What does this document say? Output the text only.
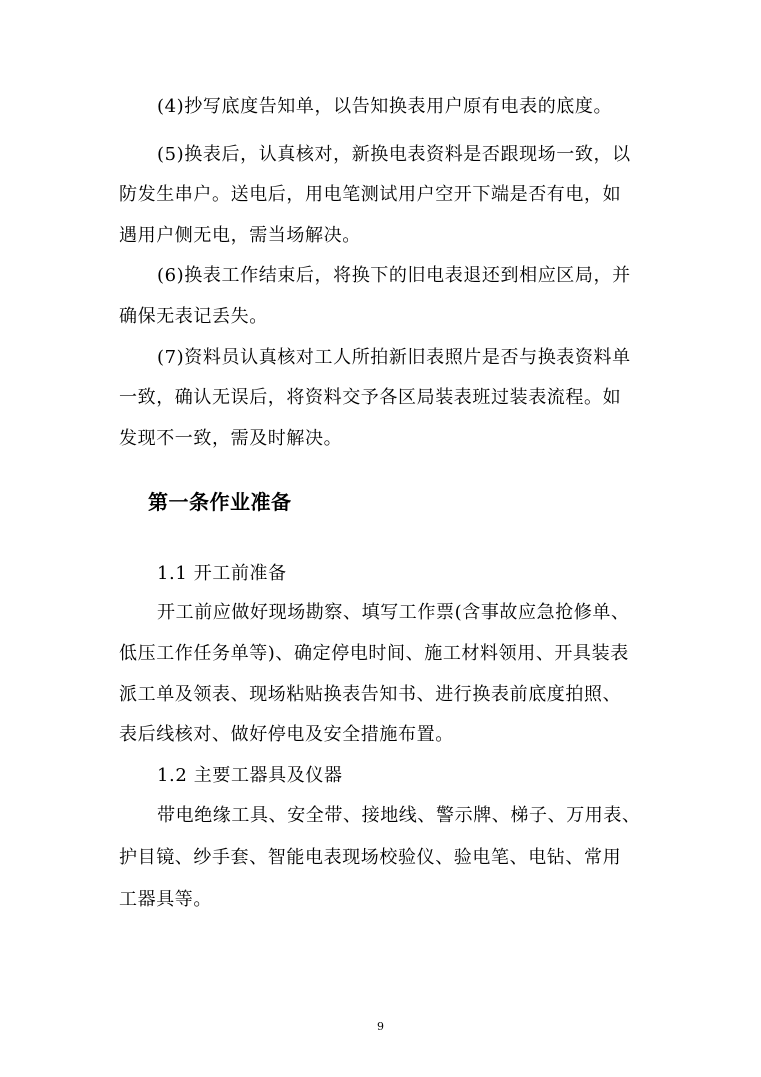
(4)抄写底度告知单，以告知换表用户原有电表的底度。
(5)换表后，认真核对，新换电表资料是否跟现场一致，以
防发生串户。送电后，用电笔测试用户空开下端是否有电，如
遇用户侧无电，需当场解决。
(6)换表工作结束后，将换下的旧电表退还到相应区局，并
确保无表记丢失。
(7)资料员认真核对工人所拍新旧表照片是否与换表资料单
一致，确认无误后，将资料交予各区局装表班过装表流程。如
发现不一致，需及时解决。
第一条作业准备
1.1 开工前准备
开工前应做好现场勘察、填写工作票(含事故应急抢修单、
低压工作任务单等)、确定停电时间、施工材料领用、开具装表
派工单及领表、现场粘贴换表告知书、进行换表前底度拍照、
表后线核对、做好停电及安全措施布置。
1.2 主要工器具及仪器
带电绝缘工具、安全带、接地线、警示牌、梯子、万用表、
护目镜、纱手套、智能电表现场校验仪、验电笔、电钻、常用
工器具等。
9
